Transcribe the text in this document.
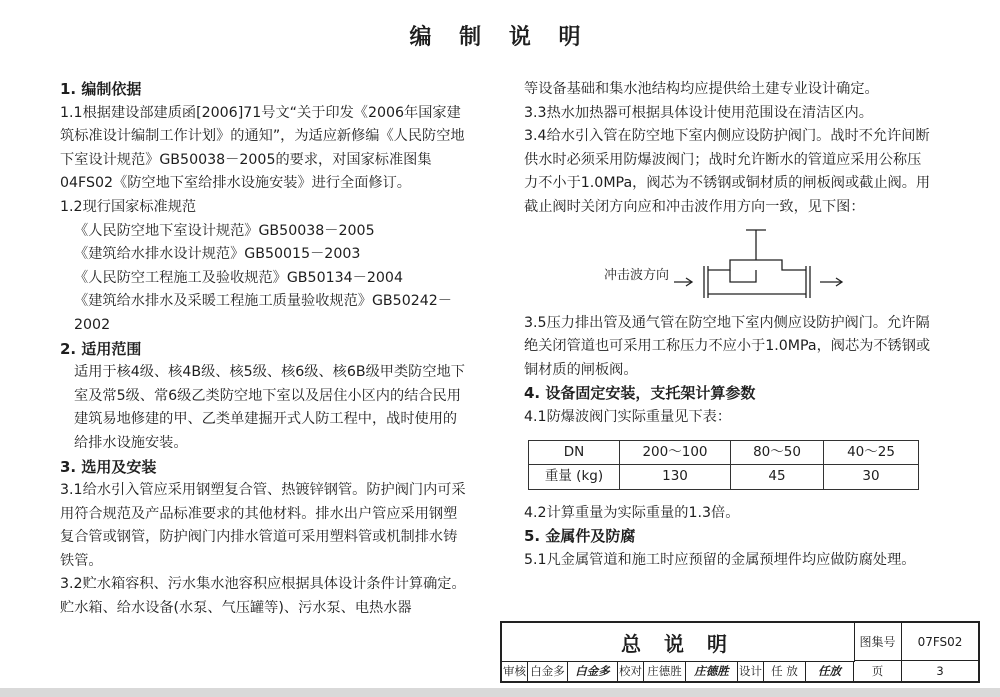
编 制 说 明

1. 编制依据

1.1根据建设部建质函[2006]71号文“关于印发《2006年国家建筑标准设计编制工作计划》的通知”，为适应新修编《人民防空地下室设计规范》GB50038－2005的要求，对国家标准图集04FS02《防空地下室给排水设施安装》进行全面修订。

1.2现行国家标准规范

《人民防空地下室设计规范》GB50038－2005

《建筑给水排水设计规范》GB50015－2003

《人民防空工程施工及验收规范》GB50134－2004

《建筑给水排水及采暖工程施工质量验收规范》GB50242－2002

2. 适用范围

适用于核4级、核4B级、核5级、核6级、核6B级甲类防空地下室及常5级、常6级乙类防空地下室以及居住小区内的结合民用建筑易地修建的甲、乙类单建掘开式人防工程中，战时使用的给排水设施安装。

3. 选用及安装

3.1给水引入管应采用钢塑复合管、热镀锌钢管。防护阀门内可采用符合规范及产品标准要求的其他材料。排水出户管应采用钢塑复合管或钢管，防护阀门内排水管道可采用塑料管或机制排水铸铁管。

3.2贮水箱容积、污水集水池容积应根据具体设计条件计算确定。贮水箱、给水设备(水泵、气压罐等)、污水泵、电热水器

等设备基础和集水池结构均应提供给土建专业设计确定。

3.3热水加热器可根据具体设计使用范围设在清洁区内。

3.4给水引入管在防空地下室内侧应设防护阀门。战时不允许间断供水时必须采用防爆波阀门；战时允许断水的管道应采用公称压力不小于1.0MPa，阀芯为不锈钢或铜材质的闸板阀或截止阀。用截止阀时关闭方向应和冲击波作用方向一致，见下图：

冲击波方向

3.5压力排出管及通气管在防空地下室内侧应设防护阀门。允许隔绝关闭管道也可采用工称压力不应小于1.0MPa，阀芯为不锈钢或铜材质的闸板阀。

4. 设备固定安装，支托架计算参数

4.1防爆波阀门实际重量见下表：

DN	200～100	80～50	40～25
重量 (kg)	130	45	30

4.2计算重量为实际重量的1.3倍。

5. 金属件及防腐

5.1凡金属管道和施工时应预留的金属预埋件均应做防腐处理。

总 说 明	图集号	07FS02
审核 白金多 白金多 校对 庄德胜	庄德胜 设计 任 放	任放	页	3
